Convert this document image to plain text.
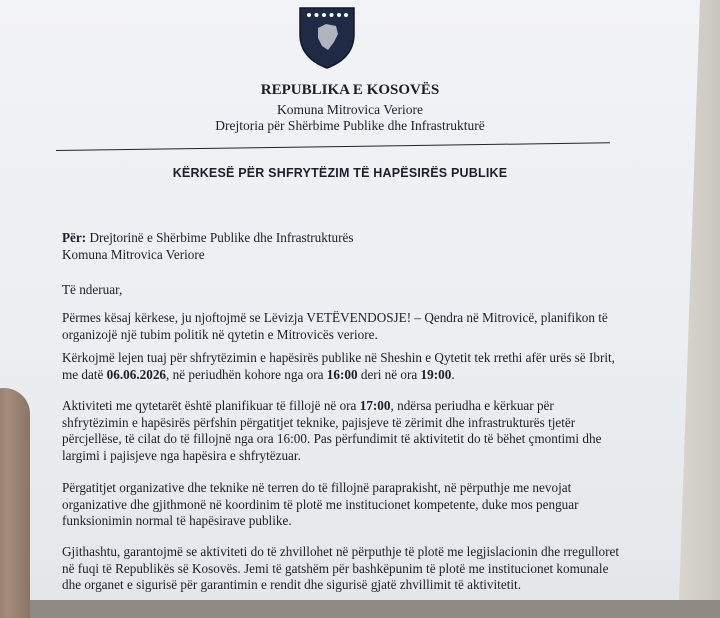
REPUBLIKA E KOSOVËS
Komuna Mitrovica Veriore
Drejtoria për Shërbime Publike dhe Infrastrukturë
KËRKESË PËR SHFRYTËZIM TË HAPËSIRËS PUBLIKE
Për: Drejtorinë e Shërbime Publike dhe Infrastrukturës
Komuna Mitrovica Veriore
Të nderuar,
Përmes kësaj kërkese, ju njoftojmë se Lëvizja VETËVENDOSJE! – Qendra në Mitrovicë, planifikon të
organizojë një tubim politik në qytetin e Mitrovicës veriore.
Kërkojmë lejen tuaj për shfrytëzimin e hapësirës publike në Sheshin e Qytetit tek rrethi afër urës së Ibrit,
me datë 06.06.2026, në periudhën kohore nga ora 16:00 deri në ora 19:00.
Aktiviteti me qytetarët është planifikuar të fillojë në ora 17:00, ndërsa periudha e kërkuar për
shfrytëzimin e hapësirës përfshin përgatitjet teknike, pajisjeve të zërimit dhe infrastrukturës tjetër
përcjellëse, të cilat do të fillojnë nga ora 16:00. Pas përfundimit të aktivitetit do të bëhet çmontimi dhe
largimi i pajisjeve nga hapësira e shfrytëzuar.
Përgatitjet organizative dhe teknike në terren do të fillojnë paraprakisht, në përputhje me nevojat
organizative dhe gjithmonë në koordinim të plotë me institucionet kompetente, duke mos penguar
funksionimin normal të hapësirave publike.
Gjithashtu, garantojmë se aktiviteti do të zhvillohet në përputhje të plotë me legjislacionin dhe rregulloret
në fuqi të Republikës së Kosovës. Jemi të gatshëm për bashkëpunim të plotë me institucionet komunale
dhe organet e sigurisë për garantimin e rendit dhe sigurisë gjatë zhvillimit të aktivitetit.
